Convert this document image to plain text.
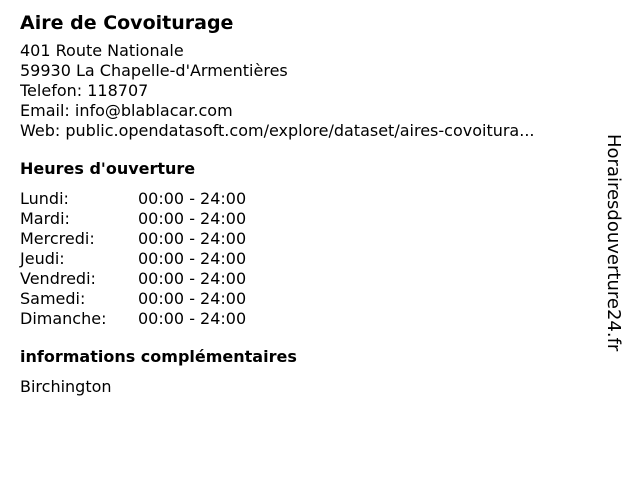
Aire de Covoiturage
401 Route Nationale
59930 La Chapelle-d'Armentières
Telefon: 118707
Email: info@blablacar.com
Web: public.opendatasoft.com/explore/dataset/aires-covoitura...
Heures d'ouverture
Lundi:	00:00 - 24:00
Mardi:	00:00 - 24:00
Mercredi:	00:00 - 24:00
Jeudi:	00:00 - 24:00
Vendredi:	00:00 - 24:00
Samedi:	00:00 - 24:00
Dimanche:	00:00 - 24:00
informations complémentaires
Birchington
Horairesdouverture24.fr
